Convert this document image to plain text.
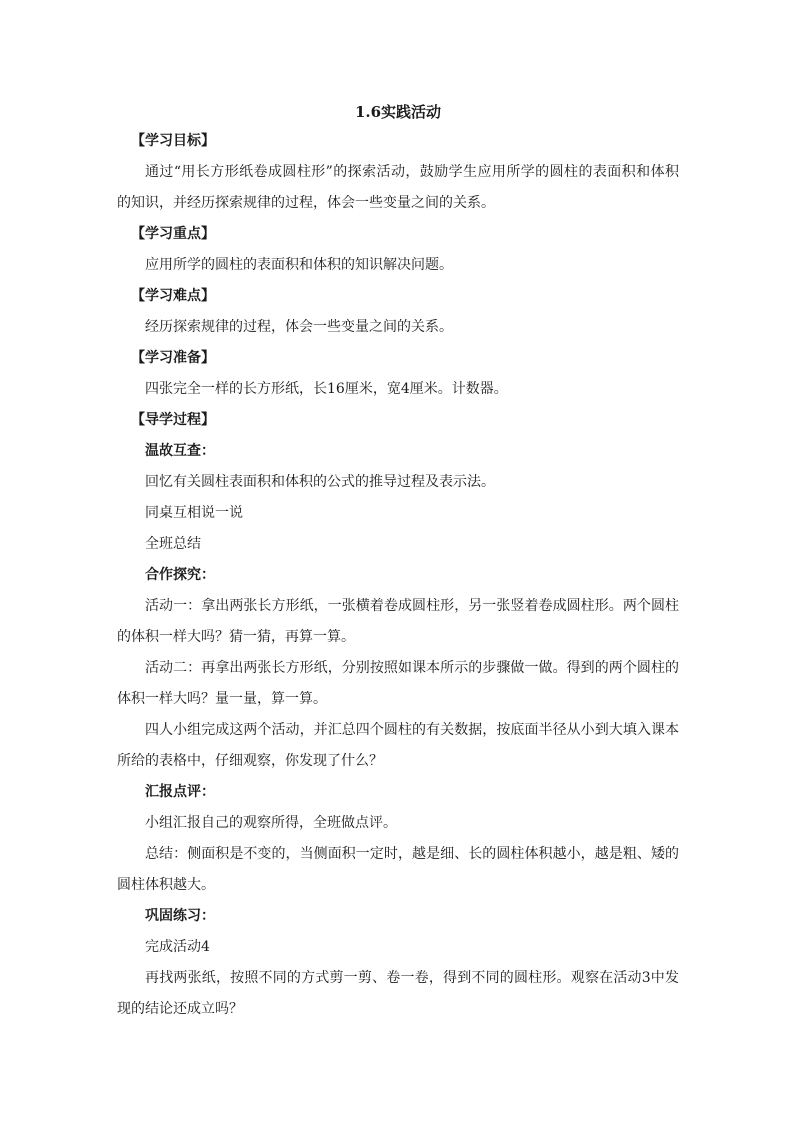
1.6实践活动

【学习目标】

通过“用长方形纸卷成圆柱形”的探索活动，鼓励学生应用所学的圆柱的表面积和体积

的知识，并经历探索规律的过程，体会一些变量之间的关系。

【学习重点】

应用所学的圆柱的表面积和体积的知识解决问题。

【学习难点】

经历探索规律的过程，体会一些变量之间的关系。

【学习准备】

四张完全一样的长方形纸，长16厘米，宽4厘米。计数器。

【导学过程】

温故互查：

回忆有关圆柱表面积和体积的公式的推导过程及表示法。

同桌互相说一说

全班总结

合作探究：

活动一：拿出两张长方形纸，一张横着卷成圆柱形，另一张竖着卷成圆柱形。两个圆柱

的体积一样大吗？猜一猜，再算一算。

活动二：再拿出两张长方形纸，分别按照如课本所示的步骤做一做。得到的两个圆柱的

体积一样大吗？量一量，算一算。

四人小组完成这两个活动，并汇总四个圆柱的有关数据，按底面半径从小到大填入课本

所给的表格中，仔细观察，你发现了什么？

汇报点评：

小组汇报自己的观察所得，全班做点评。

总结：侧面积是不变的，当侧面积一定时，越是细、长的圆柱体积越小，越是粗、矮的

圆柱体积越大。

巩固练习：

完成活动4

再找两张纸，按照不同的方式剪一剪、卷一卷，得到不同的圆柱形。观察在活动3中发

现的结论还成立吗？
